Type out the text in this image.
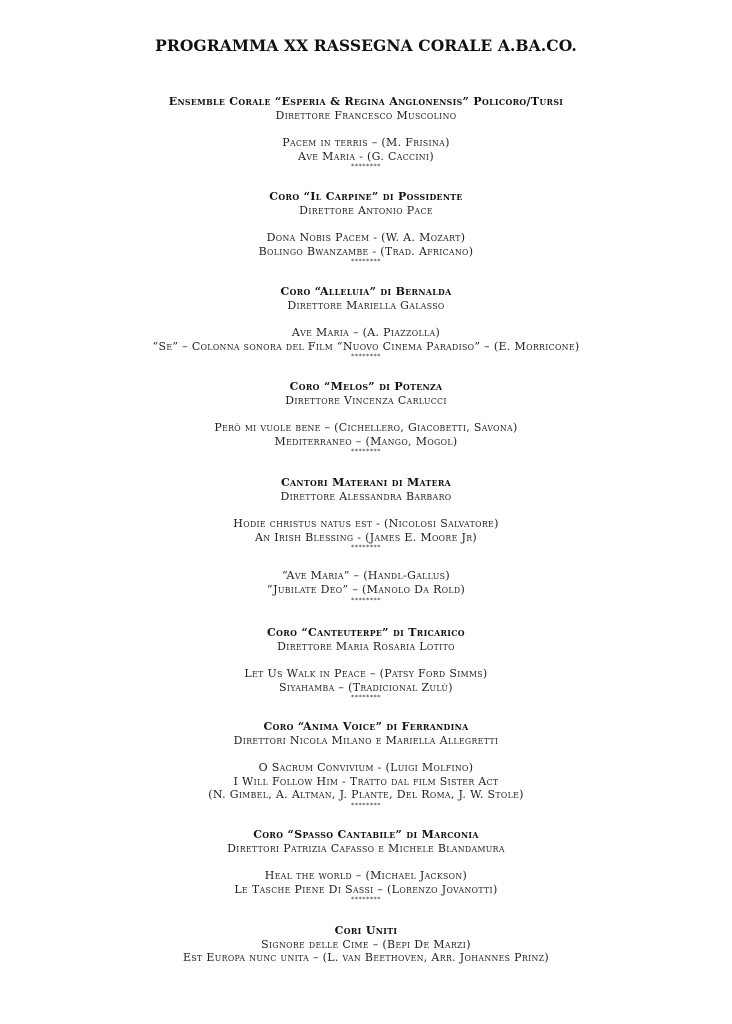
PROGRAMMA XX RASSEGNA CORALE A.BA.CO.
Ensemble Corale “Esperia & Regina Anglonensis” Policoro/Tursi
Direttore Francesco Muscolino
Pacem in terris – (M. Frisina)
Ave Maria - (G. Caccini)
********
Coro “Il Carpine” di Possidente
Direttore Antonio Pace
Dona Nobis Pacem - (W. A. Mozart)
Bolingo Bwanzambe - (Trad. Africano)
********
Coro “Alleluia” di Bernalda
Direttore Mariella Galasso
Ave Maria – (A. Piazzolla)
“Se” – Colonna sonora del Film “Nuovo Cinema Paradiso” – (E. Morricone)
********
Coro “Melos” di Potenza
Direttore Vincenza Carlucci
Però mi vuole bene – (Cichellero, Giacobetti, Savona)
Mediterraneo – (Mango, Mogol)
********
Cantori Materani di Matera
Direttore Alessandra Barbaro
Hodie christus natus est - (Nicolosi Salvatore)
An Irish Blessing - (James E. Moore Jr)
********
“Ave Maria” – (Handl-Gallus)
“Jubilate Deo” – (Manolo Da Rold)
********
Coro “Canteuterpe” di Tricarico
Direttore Maria Rosaria Lotito
Let Us Walk in Peace – (Patsy Ford Simms)
Siyahamba – (Tradicional Zulù)
********
Coro “Anima Voice” di Ferrandina
Direttori Nicola Milano e Mariella Allegretti
O Sacrum Convivium - (Luigi Molfino)
I Will Follow Him - Tratto dal film Sister Act
(N. Gimbel, A. Altman, J. Plante, Del Roma, J. W. Stole)
********
Coro “Spasso Cantabile” di Marconia
Direttori Patrizia Cafasso e Michele Blandamura
Heal the world – (Michael Jackson)
Le Tasche Piene Di Sassi – (Lorenzo Jovanotti)
********
Cori Uniti
Signore delle Cime – (Bepi De Marzi)
Est Europa nunc unita – (L. van Beethoven, Arr. Johannes Prinz)
